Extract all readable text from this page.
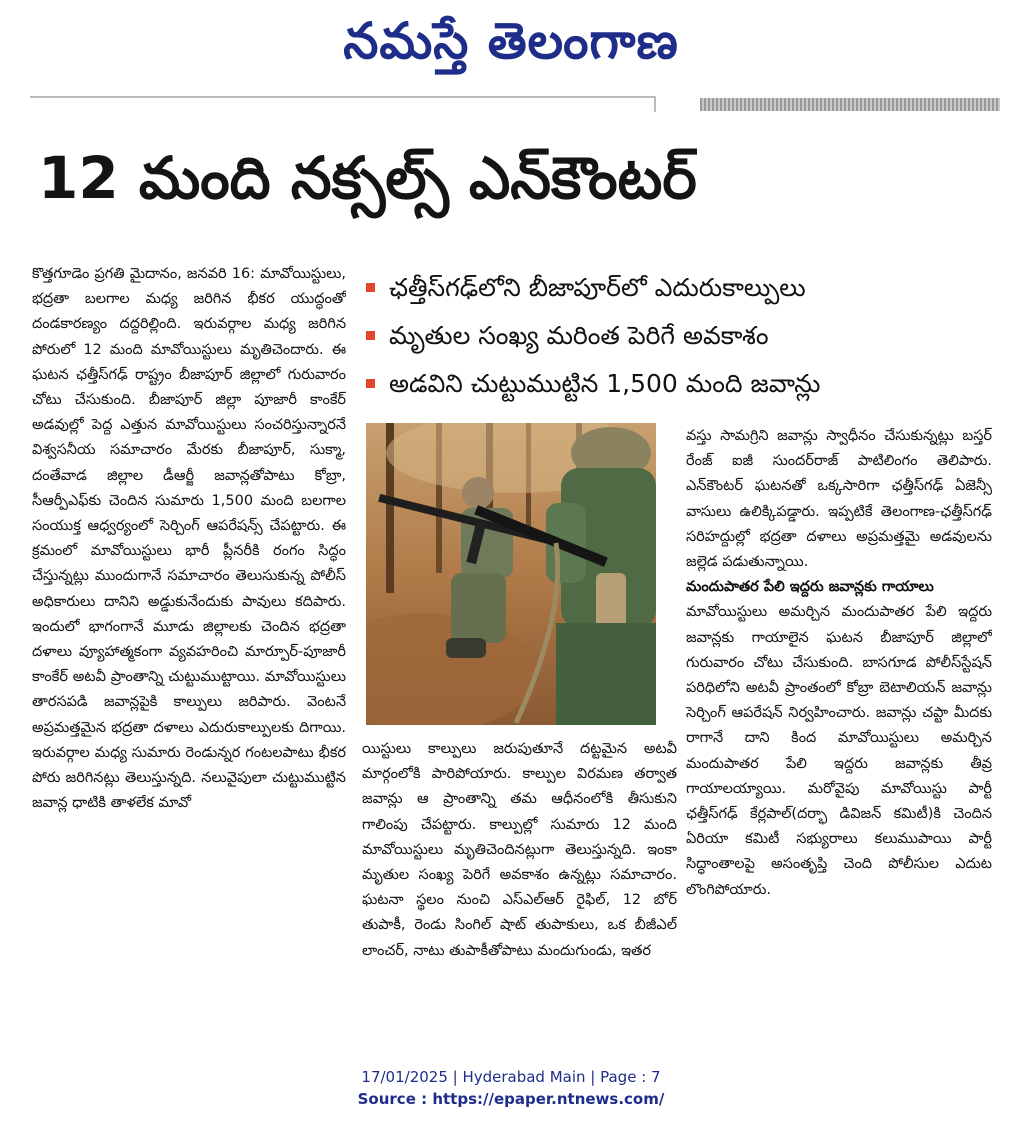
నమస్తే తెలంగాణ
12 మంది నక్సల్స్ ఎన్‌కౌంటర్

కొత్తగూడెం ప్రగతి మైదానం, జనవరి 16: మావోయిస్టులు, భద్రతా బలగాల మధ్య జరిగిన భీకర యుద్ధంతో దండకారణ్యం దద్దరిల్లింది. ఇరువర్గాల మధ్య జరిగిన పోరులో 12 మంది మావోయిస్టులు మృతిచెందారు. ఈ ఘటన ఛత్తీస్‌గఢ్ రాష్ట్రం బీజాపూర్ జిల్లాలో గురువారం చోటు చేసుకుంది. బీజాపూర్ జిల్లా పూజారీ కాంకేర్ అడవుల్లో పెద్ద ఎత్తున మావోయిస్టులు సంచరిస్తున్నారనే విశ్వసనీయ సమాచారం మేరకు బీజాపూర్, సుక్మా, దంతేవాడ జిల్లాల డీఆర్జీ జవాన్లతోపాటు కోబ్రా, సీఆర్పీఎఫ్‌కు చెందిన సుమారు 1,500 మంది బలగాల సంయుక్త ఆధ్వర్యంలో సెర్చింగ్ ఆపరేషన్స్ చేపట్టారు. ఈ క్రమంలో మావోయిస్టులు భారీ ప్లీనరీకి రంగం సిద్ధం చేస్తున్నట్లు ముందుగానే సమాచారం తెలుసుకున్న పోలీస్ అధికారులు దానిని అడ్డుకునేందుకు పావులు కదిపారు. ఇందులో భాగంగానే మూడు జిల్లాలకు చెందిన భద్రతా దళాలు వ్యూహాత్మకంగా వ్యవహరించి మార్పూర్-పూజారీ కాంకేర్ అటవీ ప్రాంతాన్ని చుట్టుముట్టాయి. మావోయిస్టులు తారసపడి జవాన్లపైకి కాల్పులు జరిపారు. వెంటనే అప్రమత్తమైన భద్రతా దళాలు ఎదురుకాల్పులకు దిగాయి. ఇరువర్గాల మధ్య సుమారు రెండున్నర గంటలపాటు భీకర పోరు జరిగినట్లు తెలుస్తున్నది. నలువైపులా చుట్టుముట్టిన జవాన్ల ధాటికి తాళలేక మావో

ఛత్తీస్‌గఢ్‌లోని బీజాపూర్‌లో ఎదురుకాల్పులు
మృతుల సంఖ్య మరింత పెరిగే అవకాశం
అడవిని చుట్టుముట్టిన 1,500 మంది జవాన్లు

యిస్టులు కాల్పులు జరుపుతూనే దట్టమైన అటవీ మార్గంలోకి పారిపోయారు. కాల్పుల విరమణ తర్వాత జవాన్లు ఆ ప్రాంతాన్ని తమ ఆధీనంలోకి తీసుకుని గాలింపు చేపట్టారు. కాల్పుల్లో సుమారు 12 మంది మావోయిస్టులు మృతిచెందినట్లుగా తెలుస్తున్నది. ఇంకా మృతుల సంఖ్య పెరిగే అవకాశం ఉన్నట్లు సమాచారం. ఘటనా స్థలం నుంచి ఎస్ఎల్ఆర్ రైఫిల్, 12 బోర్ తుపాకీ, రెండు సింగిల్ షాట్ తుపాకులు, ఒక బీజీఎల్ లాంచర్, నాటు తుపాకీతోపాటు మందుగుండు, ఇతర

వస్తు సామగ్రిని జవాన్లు స్వాధీనం చేసుకున్నట్లు బస్తర్ రేంజ్ ఐజీ సుందర్‌రాజ్ పాటిలింగం తెలిపారు. ఎన్‌కౌంటర్ ఘటనతో ఒక్కసారిగా ఛత్తీస్‌గఢ్ ఏజెన్సీ వాసులు ఉలిక్కిపడ్డారు. ఇప్పటికే తెలంగాణ-ఛత్తీస్‌గఢ్ సరిహద్దుల్లో భద్రతా దళాలు అప్రమత్తమై అడవులను జల్లెడ పడుతున్నాయి.

మందుపాతర పేలి ఇద్దరు జవాన్లకు గాయాలు

మావోయిస్టులు అమర్చిన మందుపాతర పేలి ఇద్దరు జవాన్లకు గాయాలైన ఘటన బీజాపూర్ జిల్లాలో గురువారం చోటు చేసుకుంది. బాసగూడ పోలీస్‌స్టేషన్ పరిధిలోని అటవీ ప్రాంతంలో కోబ్రా బెటాలియన్ జవాన్లు సెర్చింగ్ ఆపరేషన్ నిర్వహించారు. జవాన్లు చప్టా మీదకు రాగానే దాని కింద మావోయిస్టులు అమర్చిన మందుపాతర పేలి ఇద్దరు జవాన్లకు తీవ్ర గాయాలయ్యాయి. మరోవైపు మావోయిస్టు పార్టీ ఛత్తీస్‌గఢ్ కేర్లపాల్(దర్భా డివిజన్ కమిటీ)కి చెందిన ఏరియా కమిటీ సభ్యురాలు కలుముపాయి పార్టీ సిద్ధాంతాలపై అసంతృప్తి చెంది పోలీసుల ఎదుట లొంగిపోయారు.

17/01/2025 | Hyderabad Main | Page : 7
Source : https://epaper.ntnews.com/
